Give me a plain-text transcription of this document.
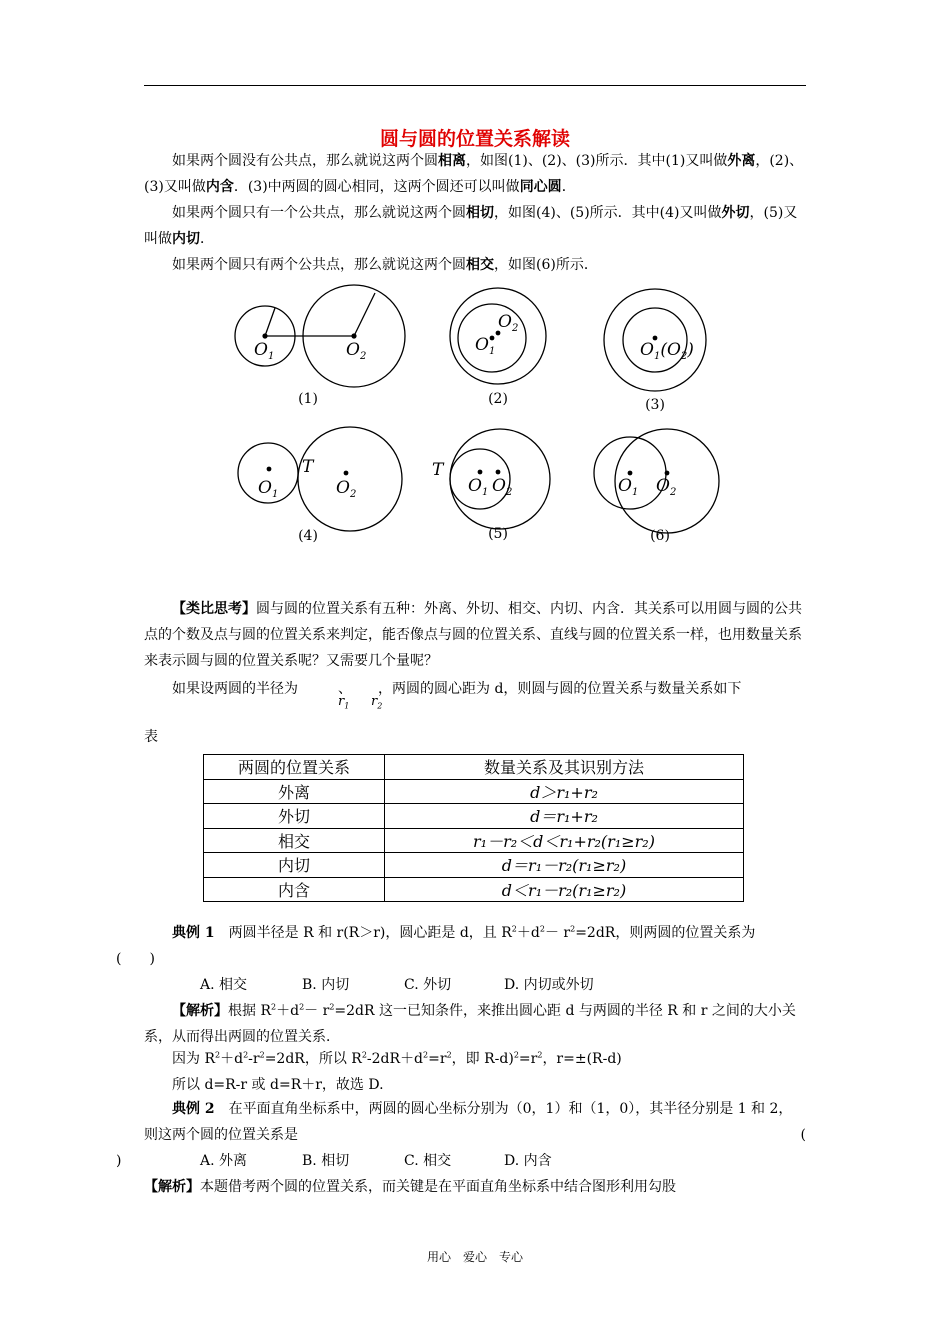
圆与圆的位置关系解读
如果两个圆没有公共点，那么就说这两个圆相离，如图(1)、(2)、(3)所示．其中(1)又叫做外离，(2)、(3)又叫做内含．(3)中两圆的圆心相同，这两个圆还可以叫做同心圆．
如果两个圆只有一个公共点，那么就说这两个圆相切，如图(4)、(5)所示．其中(4)又叫做外切，(5)又叫做内切．
如果两个圆只有两个公共点，那么就说这两个圆相交，如图(6)所示．
$O_1$	$O_2$
$O_1$
$O_2$
$O_1(O_2)$
$O_1$
T
$O_2$
T
$O_1$ $O_2$	$O_1$ $O_2$
(1)	(2)	(3)
(4)	(5)	(6)
【类比思考】圆与圆的位置关系有五种：外离、外切、相交、内切、内含．其关系可以用圆与圆的公共点的个数及点与圆的位置关系来判定，能否像点与圆的位置关系、直线与圆的位置关系一样，也用数量关系来表示圆与圆的位置关系呢？又需要几个量呢？
如果设两圆的半径为	、 ，两圆的圆心距为 d，则圆与圆的位置关系与数量关系如下
$r_1$ $r_2$
表
两圆的位置关系	数量关系及其识别方法
外离	d＞r₁+r₂
外切	d＝r₁+r₂
相交	r₁－r₂＜d＜r₁+r₂(r₁≥r₂)
内切	d＝r₁－r₂(r₁≥r₂)
内含	d＜r₁－r₂(r₁≥r₂)
典例 1　 两圆半径是 R 和 r(R＞r)，圆心距是 d，且 $R^2+d^2- r^2=2dR$，则两圆的位置关系为
(　　)
A. 相交	B. 内切	C. 外切	D. 内切或外切
【解析】根据 $R^2+d^2- r^2=2dR$ 这一已知条件，来推出圆心距 d 与两圆的半径 R 和 r 之间的大小关系，从而得出两圆的位置关系．
因为 $R^2+d^2-r^2=2dR$，所以 $R^2-2dR+d^2=r^2$，即 $R-d)^2=r^2$，r=±(R-d)
所以 d=R-r 或 d=R＋r，故选 D.
典例 2　 在平面直角坐标系中，两圆的圆心坐标分别为（0，1）和（1，0），其半径分别是 1 和 2，则这两个圆的位置关系是	(

)	A. 外离	B. 相切	C. 相交	D. 内含
【解析】本题借考两个圆的位置关系，而关键是在平面直角坐标系中结合图形利用勾股
用心　爱心　专心
